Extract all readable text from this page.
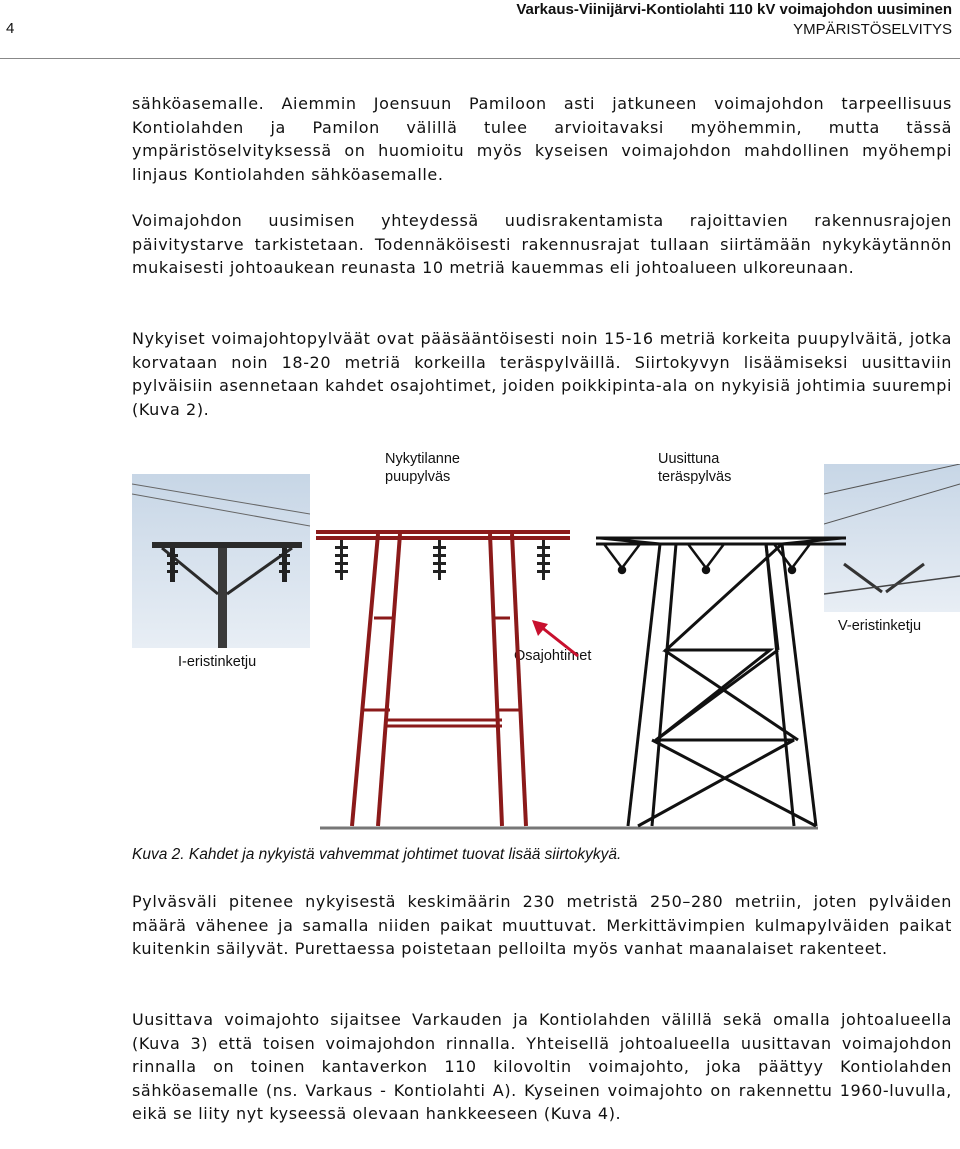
Varkaus-Viinijärvi-Kontiolahti 110 kV voimajohdon uusiminen
YMPÄRISTÖSELVITYS
4

sähköasemalle. Aiemmin Joensuun Pamiloon asti jatkuneen voimajohdon tarpeellisuus Kontiolahden ja Pamilon välillä tulee arvioitavaksi myöhemmin, mutta tässä ympäristöselvityksessä on huomioitu myös kyseisen voimajohdon mahdollinen myöhempi linjaus Kontiolahden sähköasemalle.

Voimajohdon uusimisen yhteydessä uudisrakentamista rajoittavien rakennusrajojen päivitystarve tarkistetaan. Todennäköisesti rakennusrajat tullaan siirtämään nykykäytännön mukaisesti johtoaukean reunasta 10 metriä kauemmas eli johtoalueen ulkoreunaan.

Nykyiset voimajohtopylväät ovat pääsääntöisesti noin 15-16 metriä korkeita puupylväitä, jotka korvataan noin 18-20 metriä korkeilla teräspylväillä. Siirtokyvyn lisäämiseksi uusittaviin pylväisiin asennetaan kahdet osajohtimet, joiden poikkipinta-ala on nykyisiä johtimia suurempi (Kuva 2).

I-eristinketju
V-eristinketju
Nykytilanne
puupylväs
Uusittuna
teräspylväs
Osajohtimet
Kuva 2. Kahdet ja nykyistä vahvemmat johtimet tuovat lisää siirtokykyä.

Pylväsväli pitenee nykyisestä keskimäärin 230 metristä 250–280 metriin, joten pylväiden määrä vähenee ja samalla niiden paikat muuttuvat. Merkittävimpien kulmapylväiden paikat kuitenkin säilyvät. Purettaessa poistetaan pelloilta myös vanhat maanalaiset rakenteet.

Uusittava voimajohto sijaitsee Varkauden ja Kontiolahden välillä sekä omalla johtoalueella (Kuva 3) että toisen voimajohdon rinnalla. Yhteisellä johtoalueella uusittavan voimajohdon rinnalla on toinen kantaverkon 110 kilovoltin voimajohto, joka päättyy Kontiolahden sähköasemalle (ns. Varkaus - Kontiolahti A). Kyseinen voimajohto on rakennettu 1960-luvulla, eikä se liity nyt kyseessä olevaan hankkeeseen (Kuva 4).
